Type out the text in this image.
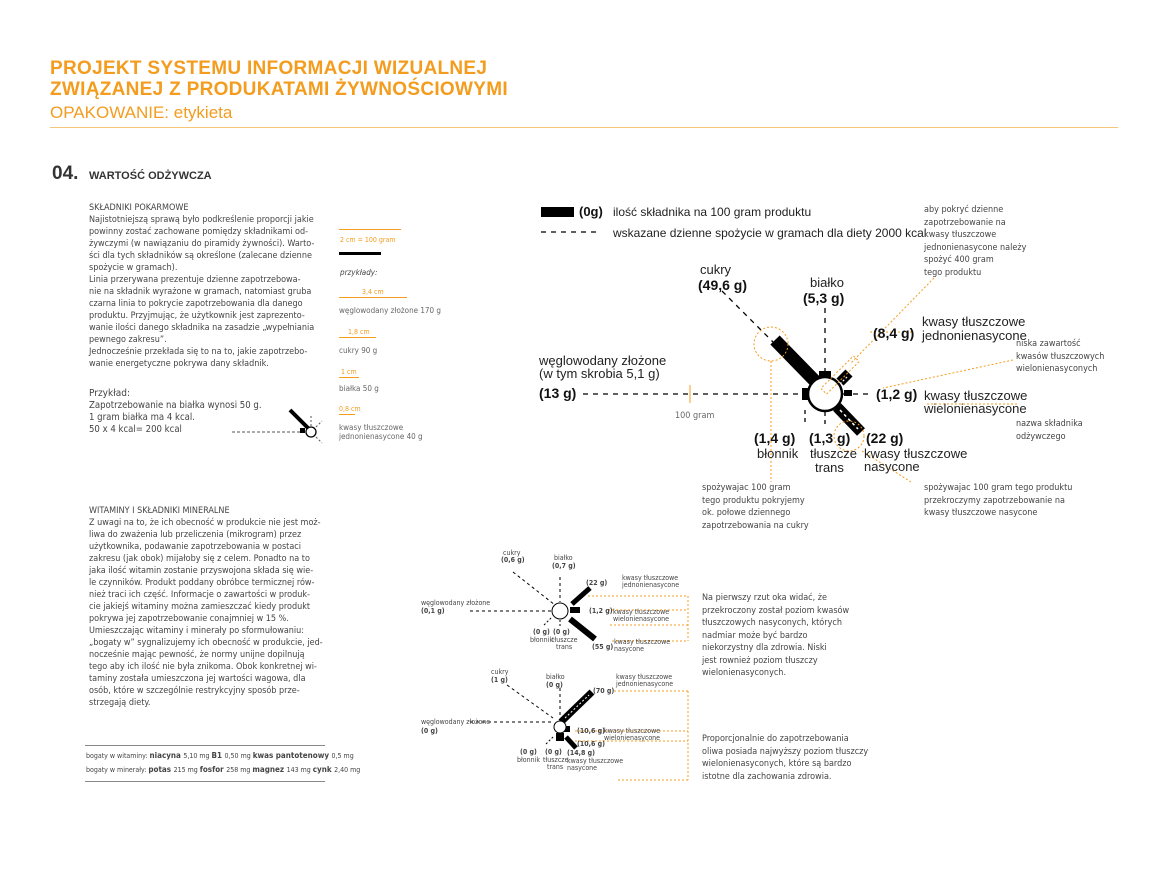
PROJEKT SYSTEMU INFORMACJI WIZUALNEJ
ZWIĄZANEJ Z PRODUKATAMI ŻYWNOŚCIOWYMI
OPAKOWANIE: etykieta
04. WARTOŚĆ ODŻYWCZA
SKŁADNIKI POKARMOWE
Najistotniejszą sprawą było podkreślenie proporcji jakie
powinny zostać zachowane pomiędzy składnikami od-
żywczymi (w nawiązaniu do piramidy żywności). Warto-
ści dla tych składników są określone (zalecane dzienne
spożycie w gramach).
Linia przerywana prezentuje dzienne zapotrzebowa-
nie na składnik wyrażone w gramach, natomiast gruba
czarna linia to pokrycie zapotrzebowania dla danego
produktu. Przyjmując, że użytkownik jest zaprezento-
wanie ilości danego składnika na zasadzie „wypełniania
pewnego zakresu”.
Jednocześnie przekłada się to na to, jakie zapotrzebo-
wanie energetyczne pokrywa dany składnik.
Przykład:
Zapotrzebowanie na białka wynosi 50 g.
1 gram białka ma 4 kcal.
50 x 4 kcal= 200 kcal
WITAMINY I SKŁADNIKI MINERALNE
Z uwagi na to, że ich obecność w produkcie nie jest moż-
liwa do zważenia lub przeliczenia (mikrogram) przez
użytkownika, podawanie zapotrzebowania w postaci
zakresu (jak obok) mijałoby się z celem. Ponadto na to
jaka ilość witamin zostanie przyswojona składa się wie-
le czynników. Produkt poddany obróbce termicznej rów-
nież traci ich część. Informacje o zawartości w produk-
cie jakiejś witaminy można zamieszczać kiedy produkt
pokrywa jej zapotrzebowanie conajmniej w 15 %.
Umieszczając witaminy i minerały po sformułowaniu:
„bogaty w” sygnalizujemy ich obecność w produkcie, jed-
nocześnie mając pewność, że normy unijne dopilnują
tego aby ich ilość nie była znikoma. Obok konkretnej wi-
taminy została umieszczona jej wartości wagowa, dla
osób, które w szczególnie restrykcyjny sposób prze-
strzegają diety.
bogaty w witaminy: niacyna 5,10 mg B1 0,50 mg kwas pantotenowy 0,5 mg
bogaty w minerały: potas 215 mg fosfor 258 mg magnez 143 mg cynk 2,40 mg
2 cm = 100 gram
przykłady:
3,4 cm
węglowodany złożone 170 g
1,8 cm
cukry 90 g
1 cm
białka 50 g
0,8 cm
kwasy tłuszczowe
jednonienasycone 40 g
(0g) ilość składnika na 100 gram produktu
wskazane dzienne spożycie w gramach dla diety 2000 kcal
cukry
(49,6 g)	białko
(5,3 g)
(8,4 g)
kwasy tłuszczowe
jednonienasycone
(1,2 g) kwasy tłuszczowe
wielonienasycone
węglowodany złożone
(w tym skrobia 5,1 g)
(13 g)
100 gram
(1,4 g)
błonnik
(1,3 g)
tłuszcze
trans
(22 g)
kwasy tłuszczowe
nasycone
aby pokryć dzienne
zapotrzebowanie na
kwasy tłuszczowe
jednonienasycone należy
spożyć 400 gram
tego produktu
niska zawartość
kwasów tłuszczowych
wielonienasyconych
nazwa składnika
odżywczego
spożywajac 100 gram
tego produktu pokryjemy
ok. połowe dziennego
zapotrzebowania na cukry
spożywajac 100 gram tego produktu
przekroczymy zapotrzebowanie na
kwasy tłuszczowe nasycone
Na pierwszy rzut oka widać, że
przekroczony został poziom kwasów
tłuszczowych nasyconych, których
nadmiar może być bardzo
niekorzystny dla zdrowia. Niski
jest rownież poziom tłuszczy
wielonienasyconych.
Proporcjonalnie do zapotrzebowania
oliwa posiada najwyższy poziom tłuszczy
wielonienasyconych, które są bardzo
istotne dla zachowania zdrowia.
cukry
(0,6 g)	białko
(0,7 g)
(22 g)
kwasy tłuszczowe
jednonienasycone
(1,2 g) kwasy tłuszczowe
wielonienasycone
węglowodany złożone
(0,1 g)
(0 g)
błonnik
(0 g)
tłuszcze
trans	(55 g)
kwasy tłuszczowe
nasycone
cukry
(1 g)	białko
(0 g)
kwasy tłuszczowe
jednonienasycone
(70 g)
węglowodany złożone
(0 g)	(10,6 g) kwasy tłuszczowe
wielonienasycone
(10,6 g)
(0 g)
błonnik
(0 g)
tłuszcze
trans
(14,8 g)
kwasy tłuszczowe
nasycone
